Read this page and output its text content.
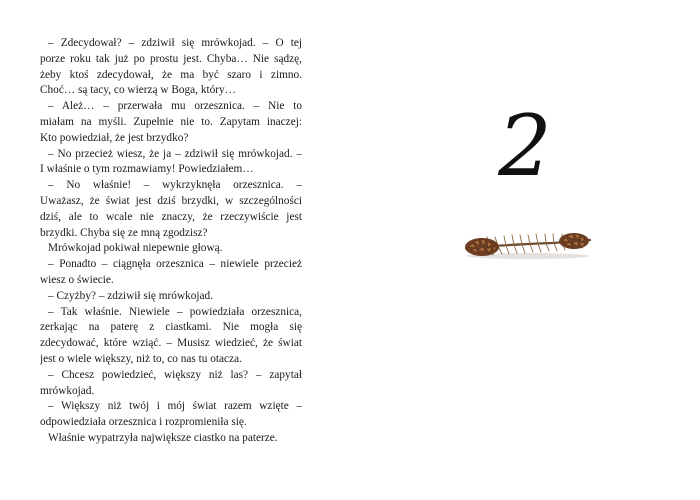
– Zdecydował? – zdziwił się mrówkojad. – O tej
porze roku tak już po prostu jest. Chyba… Nie sądzę,
żeby ktoś zdecydował, że ma być szaro i zimno.
Choć… są tacy, co wierzą w Boga, który…
– Ależ… – przerwała mu orzesznica. – Nie to
miałam na myśli. Zupełnie nie to. Zapytam inaczej:
Kto powiedział, że jest brzydko?
– No przecież wiesz, że ja – zdziwił się mrówkojad. –
I właśnie o tym rozmawiamy! Powiedziałem…
– No właśnie! – wykrzyknęła orzesznica. –
Uważasz, że świat jest dziś brzydki, w szczególności
dziś, ale to wcale nie znaczy, że rzeczywiście jest
brzydki. Chyba się ze mną zgodzisz?
Mrówkojad pokiwał niepewnie głową.
– Ponadto – ciągnęła orzesznica – niewiele przecież
wiesz o świecie.
– Czyżby? – zdziwił się mrówkojad.
– Tak właśnie. Niewiele – powiedziała orzesznica,
zerkając na paterę z ciastkami. Nie mogła się
zdecydować, które wziąć. – Musisz wiedzieć, że świat
jest o wiele większy, niż to, co nas tu otacza.
– Chcesz powiedzieć, większy niż las? – zapytał
mrówkojad.
– Większy niż twój i mój świat razem wzięte –
odpowiedziała orzesznica i rozpromieniła się.
Właśnie wypatrzyła największe ciastko na paterze.
2
